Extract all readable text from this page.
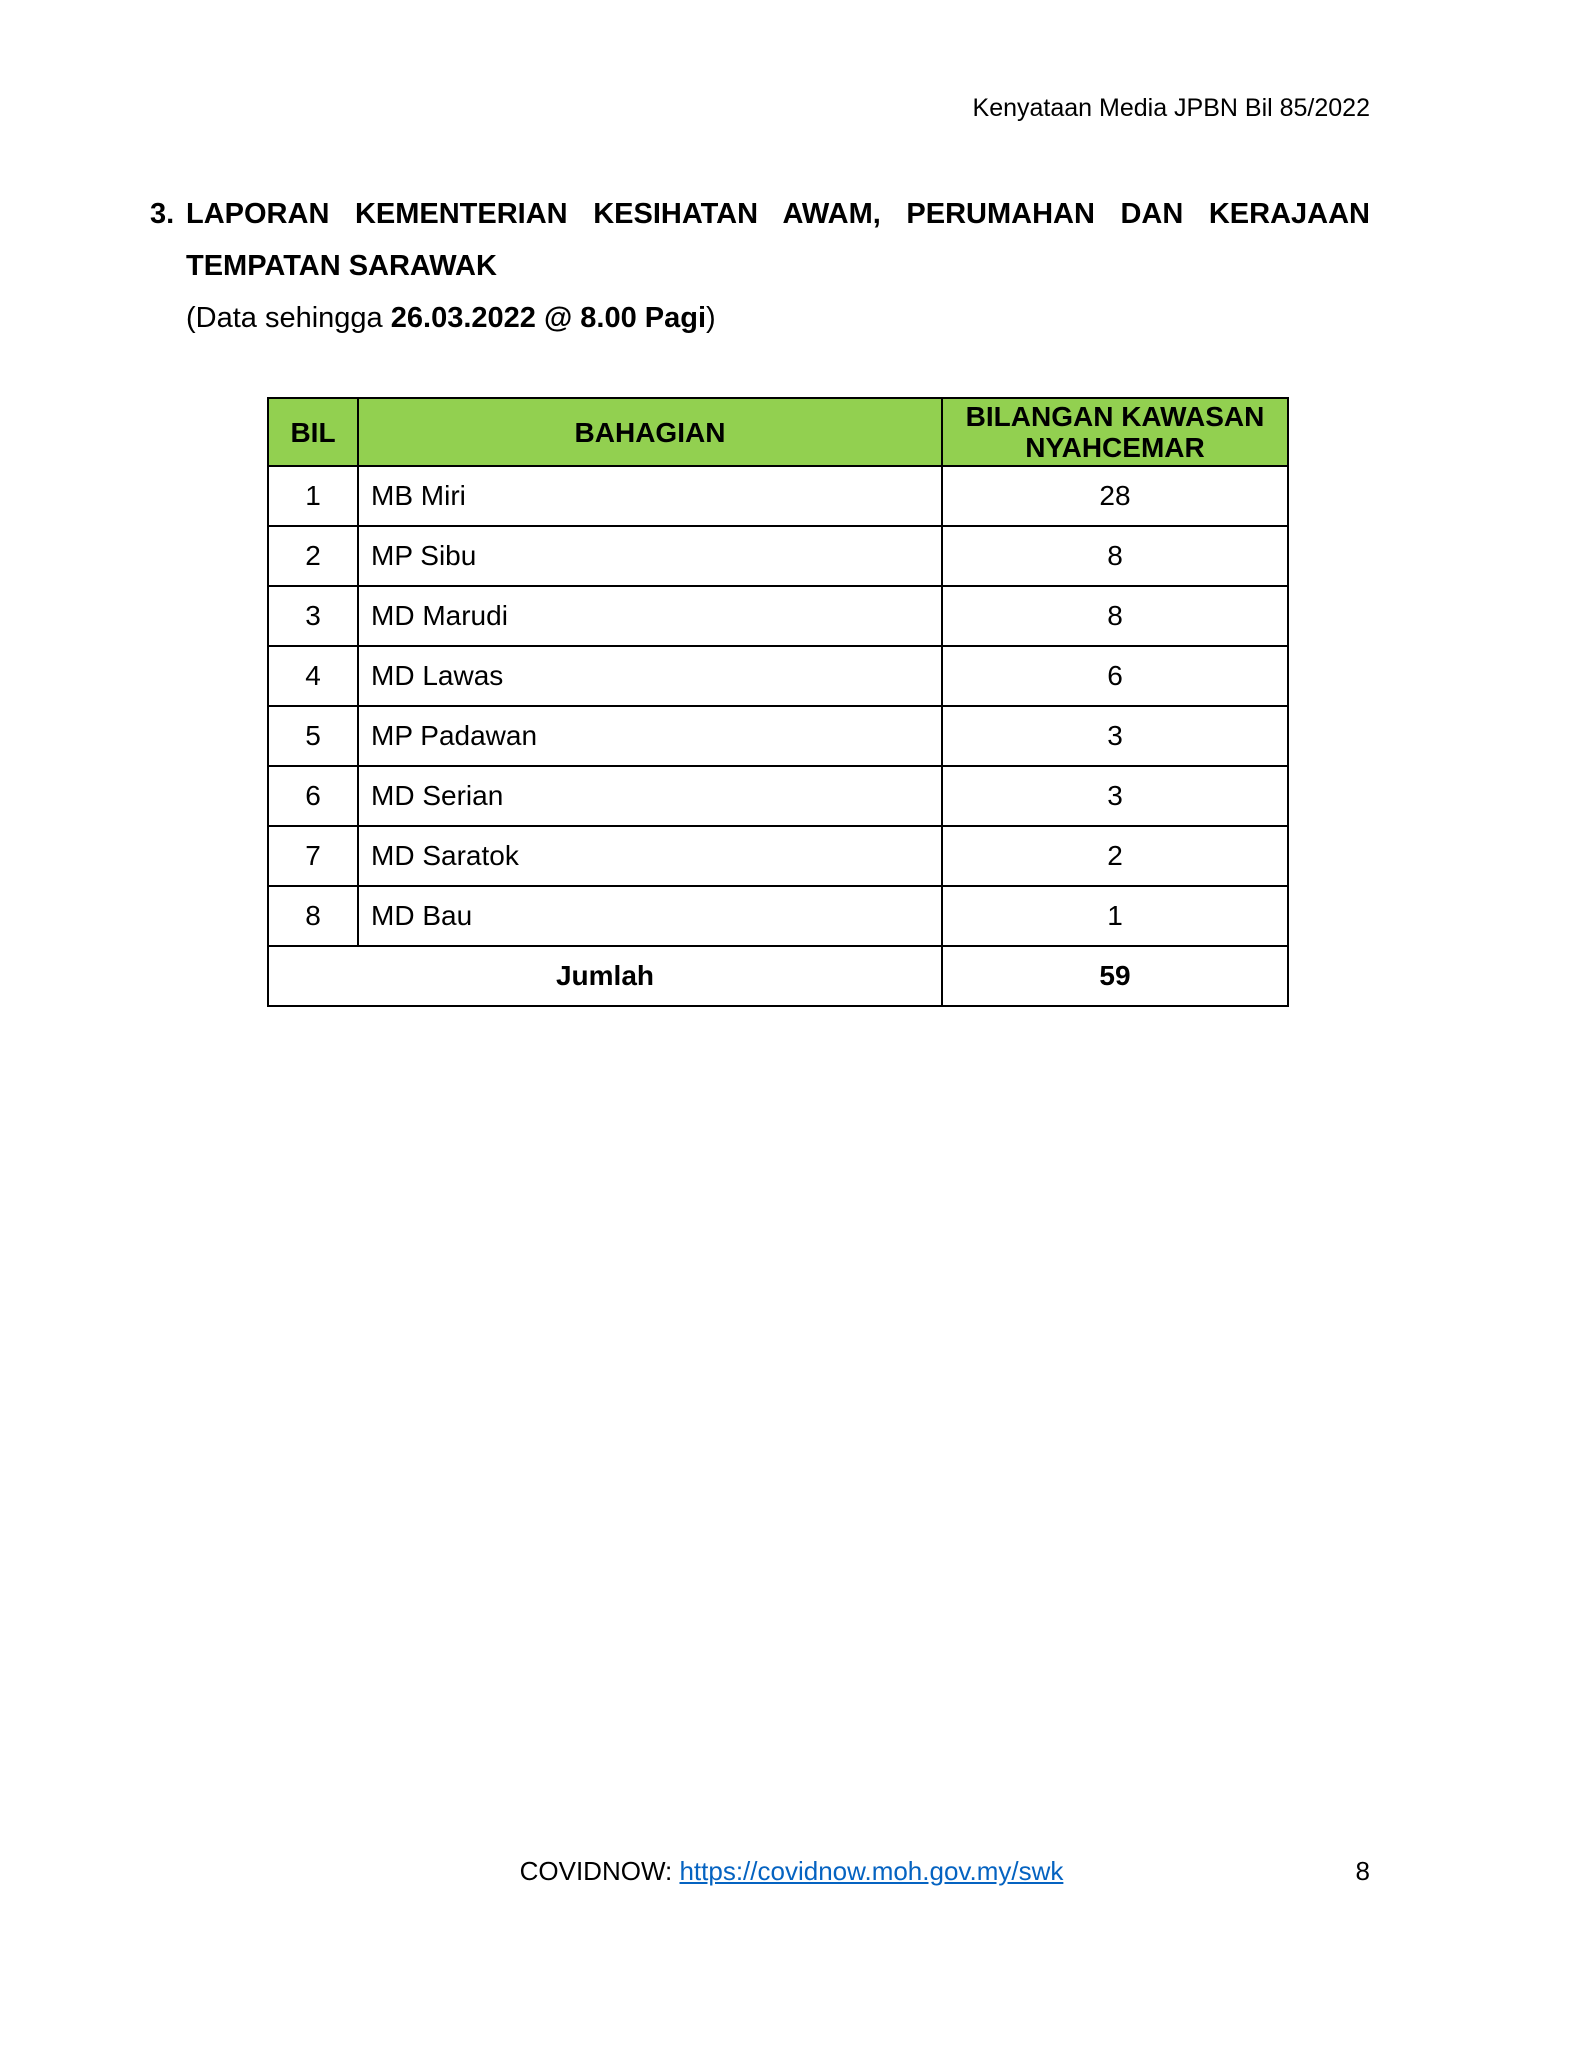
Kenyataan Media JPBN Bil 85/2022
3. LAPORAN KEMENTERIAN KESIHATAN AWAM, PERUMAHAN DAN KERAJAAN TEMPATAN SARAWAK
(Data sehingga 26.03.2022 @ 8.00 Pagi)
BIL	BAHAGIAN	BILANGAN KAWASAN NYAHCEMAR
1	MB Miri	28
2	MP Sibu	8
3	MD Marudi	8
4	MD Lawas	6
5	MP Padawan	3
6	MD Serian	3
7	MD Saratok	2
8	MD Bau	1
Jumlah		59
COVIDNOW: https://covidnow.moh.gov.my/swk	8
